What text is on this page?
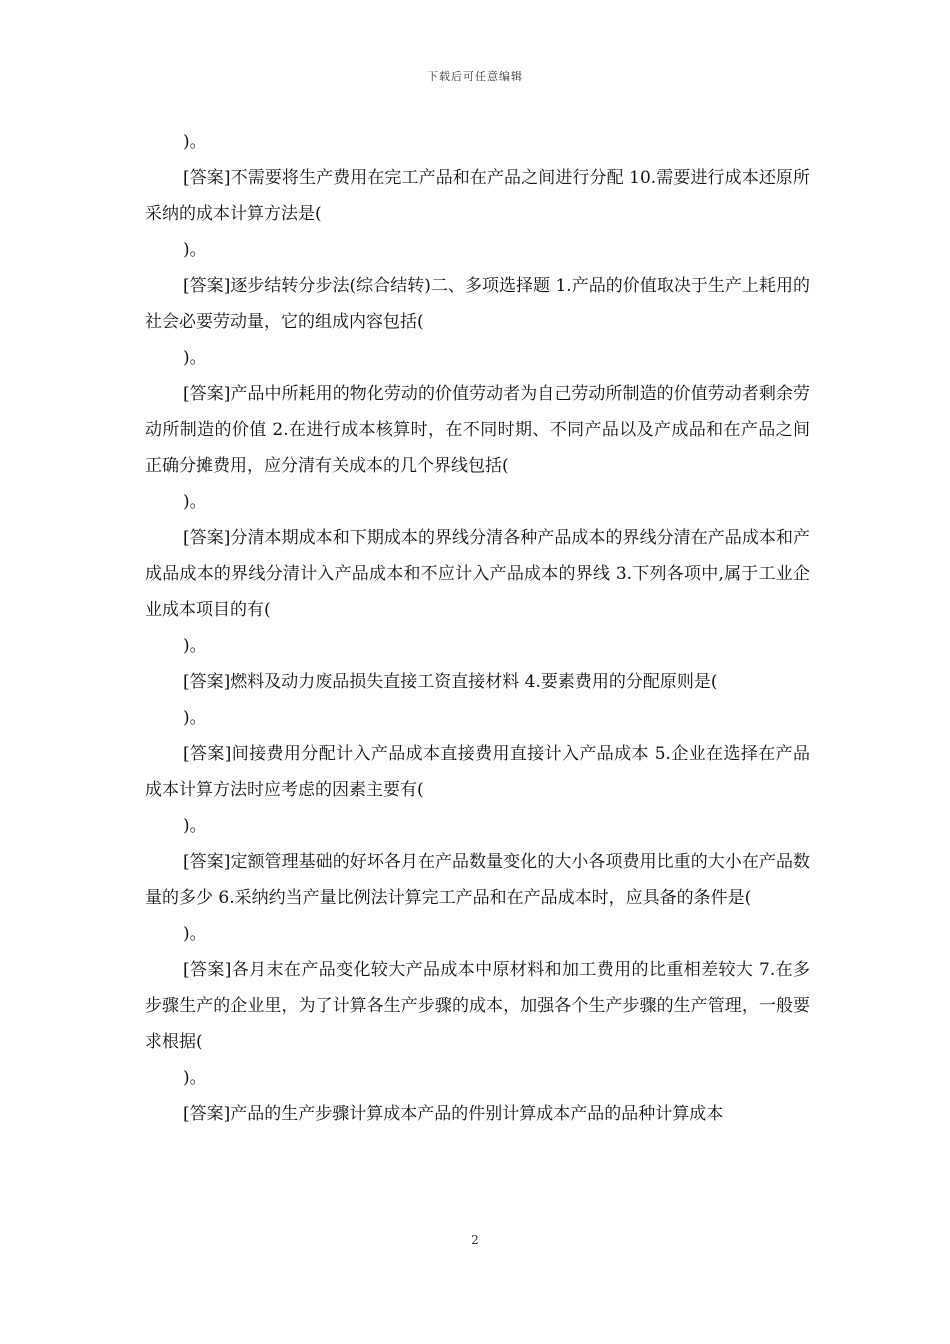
下载后可任意编辑

)。

[答案]不需要将生产费用在完工产品和在产品之间进行分配 10.需要进行成本还原所采纳的成本计算方法是(

)。

[答案]逐步结转分步法(综合结转)二、多项选择题 1.产品的价值取决于生产上耗用的社会必要劳动量，它的组成内容包括(

)。

[答案]产品中所耗用的物化劳动的价值劳动者为自己劳动所制造的价值劳动者剩余劳动所制造的价值 2.在进行成本核算时，在不同时期、不同产品以及产成品和在产品之间正确分摊费用，应分清有关成本的几个界线包括(

)。

[答案]分清本期成本和下期成本的界线分清各种产品成本的界线分清在产品成本和产成品成本的界线分清计入产品成本和不应计入产品成本的界线 3.下列各项中,属于工业企业成本项目的有(

)。

[答案]燃料及动力废品损失直接工资直接材料 4.要素费用的分配原则是(

)。

[答案]间接费用分配计入产品成本直接费用直接计入产品成本 5.企业在选择在产品成本计算方法时应考虑的因素主要有(

)。

[答案]定额管理基础的好坏各月在产品数量变化的大小各项费用比重的大小在产品数量的多少 6.采纳约当产量比例法计算完工产品和在产品成本时，应具备的条件是(

)。

[答案]各月末在产品变化较大产品成本中原材料和加工费用的比重相差较大 7.在多步骤生产的企业里，为了计算各生产步骤的成本，加强各个生产步骤的生产管理，一般要求根据(

)。

[答案]产品的生产步骤计算成本产品的件别计算成本产品的品种计算成本

2
